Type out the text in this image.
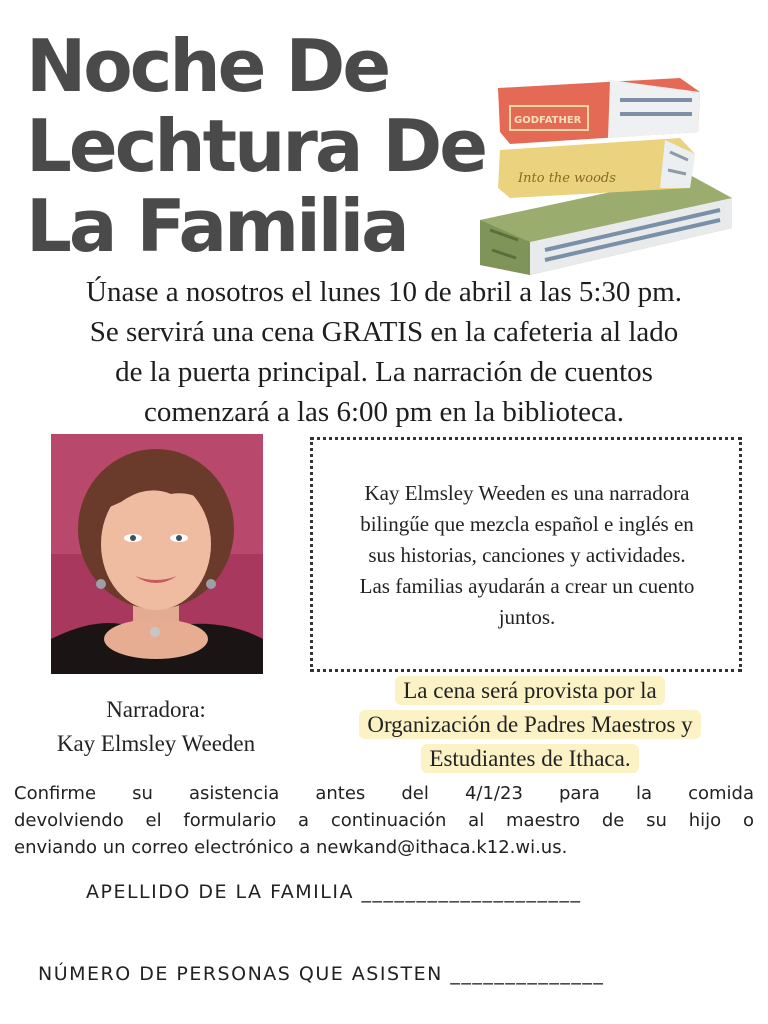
Noche De
Lechtura De
La Familia
Into the woods
GODFATHER
Únase a nosotros el lunes 10 de abril a las 5:30 pm.
Se servirá una cena GRATIS en la cafeteria al lado
de la puerta principal. La narración de cuentos
comenzará a las 6:00 pm en la biblioteca.
Kay Elmsley Weeden es una narradora
bilingűe que mezcla español e inglés en
sus historias, canciones y actividades.
Las familias ayudarán a crear un cuento
juntos.
Narradora:
Kay Elmsley Weeden
La cena será provista por la
Organización de Padres Maestros y
Estudiantes de Ithaca.
Confirme su asistencia antes del 4/1/23 para la comida
devolviendo el formulario a continuación al maestro de su hijo o
enviando un correo electrónico a newkand@ithaca.k12.wi.us.
APELLIDO DE LA FAMILIA ____________________
NÚMERO DE PERSONAS QUE ASISTEN ______________
